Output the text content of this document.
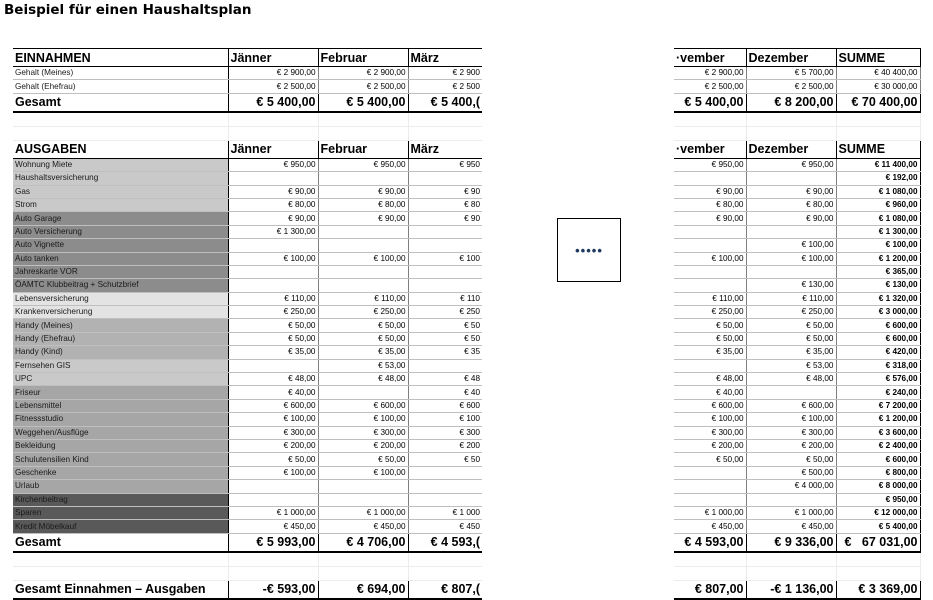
Beispiel für einen Haushaltsplan
EINNAHMEN	Jänner	Februar	März
Gehalt (Meines)	€ 2 900,00	€ 2 900,00	€ 2 900
Gehalt (Ehefrau)	€ 2 500,00	€ 2 500,00	€ 2 500
Gesamt	€ 5 400,00	€ 5 400,00	€ 5 400,(

AUSGABEN	Jänner	Februar	März
Wohnung Miete	€ 950,00	€ 950,00	€ 950
Haushaltsversicherung			
Gas	€ 90,00	€ 90,00	€ 90
Strom	€ 80,00	€ 80,00	€ 80
Auto Garage	€ 90,00	€ 90,00	€ 90
Auto Versicherung	€ 1 300,00		
Auto Vignette			
Auto tanken	€ 100,00	€ 100,00	€ 100
Jahreskarte VOR			
ÖAMTC Klubbeitrag + Schutzbrief			
Lebensversicherung	€ 110,00	€ 110,00	€ 110
Krankenversicherung	€ 250,00	€ 250,00	€ 250
Handy (Meines)	€ 50,00	€ 50,00	€ 50
Handy (Ehefrau)	€ 50,00	€ 50,00	€ 50
Handy (Kind)	€ 35,00	€ 35,00	€ 35
Fernsehen GIS		€ 53,00	
UPC	€ 48,00	€ 48,00	€ 48
Friseur	€ 40,00		€ 40
Lebensmittel	€ 600,00	€ 600,00	€ 600
Fitnessstudio	€ 100,00	€ 100,00	€ 100
Weggehen/Ausflüge	€ 300,00	€ 300,00	€ 300
Bekleidung	€ 200,00	€ 200,00	€ 200
Schulutensilien Kind	€ 50,00	€ 50,00	€ 50
Geschenke	€ 100,00	€ 100,00	
Urlaub			
Kirchenbeitrag			
Sparen	€ 1 000,00	€ 1 000,00	€ 1 000
Kredit Möbelkauf	€ 450,00	€ 450,00	€ 450
Gesamt	€ 5 993,00	€ 4 706,00	€ 4 593,(

Gesamt Einnahmen – Ausgaben	-€ 593,00	€ 694,00	€ 807,(
•••••
·vember	Dezember	SUMME
€ 2 900,00	€ 5 700,00	€ 40 400,00
€ 2 500,00	€ 2 500,00	€ 30 000,00
€ 5 400,00	€ 8 200,00	€ 70 400,00

·vember	Dezember	SUMME
€ 950,00	€ 950,00	€ 11 400,00
		€ 192,00
€ 90,00	€ 90,00	€ 1 080,00
€ 80,00	€ 80,00	€ 960,00
€ 90,00	€ 90,00	€ 1 080,00
		€ 1 300,00
	€ 100,00	€ 100,00
€ 100,00	€ 100,00	€ 1 200,00
		€ 365,00
	€ 130,00	€ 130,00
€ 110,00	€ 110,00	€ 1 320,00
€ 250,00	€ 250,00	€ 3 000,00
€ 50,00	€ 50,00	€ 600,00
€ 50,00	€ 50,00	€ 600,00
€ 35,00	€ 35,00	€ 420,00
	€ 53,00	€ 318,00
€ 48,00	€ 48,00	€ 576,00
€ 40,00		€ 240,00
€ 600,00	€ 600,00	€ 7 200,00
€ 100,00	€ 100,00	€ 1 200,00
€ 300,00	€ 300,00	€ 3 600,00
€ 200,00	€ 200,00	€ 2 400,00
€ 50,00	€ 50,00	€ 600,00
	€ 500,00	€ 800,00
	€ 4 000,00	€ 8 000,00
		€ 950,00
€ 1 000,00	€ 1 000,00	€ 12 000,00
€ 450,00	€ 450,00	€ 5 400,00
€ 4 593,00	€ 9 336,00	€   67 031,00

€ 807,00	-€ 1 136,00	€ 3 369,00
